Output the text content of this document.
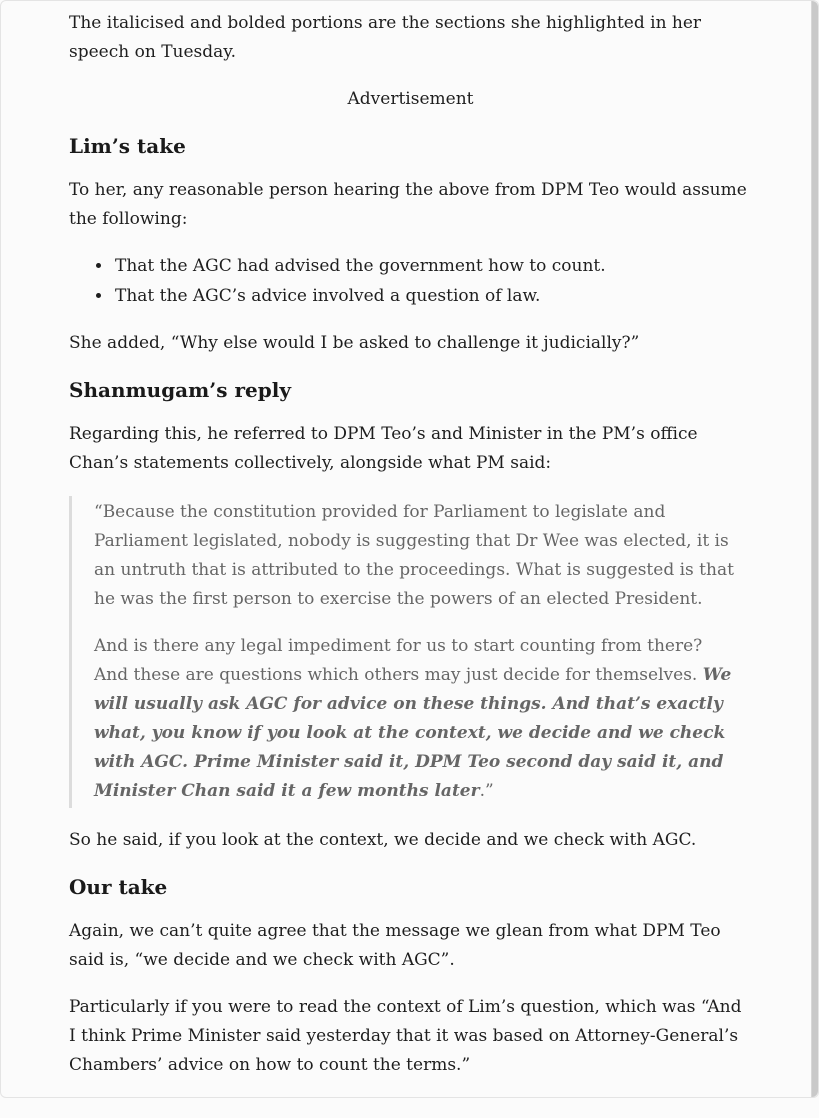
The italicised and bolded portions are the sections she highlighted in her speech on Tuesday.

Advertisement

Lim’s take

To her, any reasonable person hearing the above from DPM Teo would assume the following:

• That the AGC had advised the government how to count.
• That the AGC’s advice involved a question of law.

She added, “Why else would I be asked to challenge it judicially?”

Shanmugam’s reply

Regarding this, he referred to DPM Teo’s and Minister in the PM’s office Chan’s statements collectively, alongside what PM said:

“Because the constitution provided for Parliament to legislate and Parliament legislated, nobody is suggesting that Dr Wee was elected, it is an untruth that is attributed to the proceedings. What is suggested is that he was the first person to exercise the powers of an elected President.

And is there any legal impediment for us to start counting from there? And these are questions which others may just decide for themselves. We will usually ask AGC for advice on these things. And that’s exactly what, you know if you look at the context, we decide and we check with AGC. Prime Minister said it, DPM Teo second day said it, and Minister Chan said it a few months later.”

So he said, if you look at the context, we decide and we check with AGC.

Our take

Again, we can’t quite agree that the message we glean from what DPM Teo said is, “we decide and we check with AGC”.

Particularly if you were to read the context of Lim’s question, which was “And I think Prime Minister said yesterday that it was based on Attorney-General’s Chambers’ advice on how to count the terms.”
